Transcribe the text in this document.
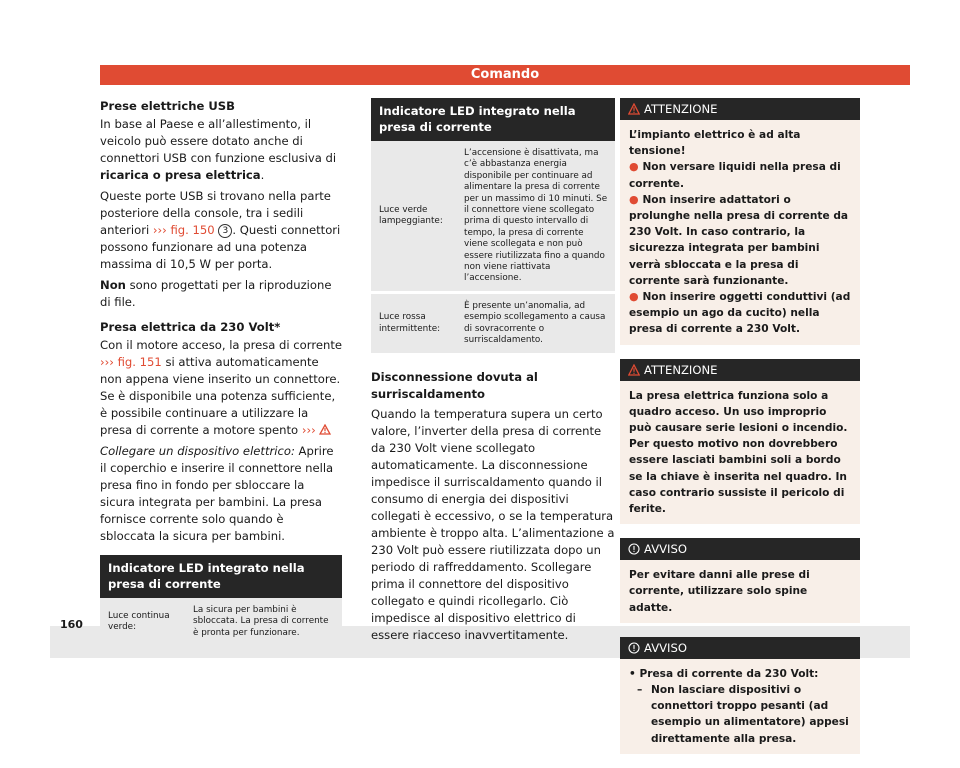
Comando
Prese elettriche USB

In base al Paese e all’allestimento, il veicolo può essere dotato anche di connettori USB con funzione esclusiva di ricarica o presa elettrica.

Queste porte USB si trovano nella parte posteriore della console, tra i sedili anteriori ››› fig. 150 3 . Questi connettori possono funzionare ad una potenza massima di 10,5 W per porta.

Non sono progettati per la riproduzione di file.

Presa elettrica da 230 Volt*

Con il motore acceso, la presa di corrente ››› fig. 151 si attiva automaticamente non appena viene inserito un connettore. Se è disponibile una potenza sufficiente, è possibile continuare a utilizzare la presa di corrente a motore spento ›››

Collegare un dispositivo elettrico: Aprire il coperchio e inserire il connettore nella presa fino in fondo per sbloccare la sicura integrata per bambini. La presa fornisce corrente solo quando è sbloccata la sicura per bambini.

Indicatore LED integrato nella presa di corrente
Luce continua verde:	La sicura per bambini è sbloccata. La presa di corrente è pronta per funzionare.
Indicatore LED integrato nella presa di corrente	
Luce verde lampeggiante:	L’accensione è disattivata, ma c’è abbastanza energia disponibile per continuare ad alimentare la presa di corrente per un massimo di 10 minuti. Se il connettore viene scollegato prima di questo intervallo di tempo, la presa di corrente viene scollegata e non può essere riutilizzata fino a quando non viene riattivata l’accensione.
Luce rossa intermittente:	È presente un’anomalia, ad esempio scollegamento a causa di sovracorrente o surriscaldamento.
Disconnessione dovuta al surriscaldamento

Quando la temperatura supera un certo valore, l’inverter della presa di corrente da 230 Volt viene scollegato automaticamente. La disconnessione impedisce il surriscaldamento quando il consumo di energia dei dispositivi collegati è eccessivo, o se la temperatura ambiente è troppo alta. L’alimentazione a 230 Volt può essere riutilizzata dopo un periodo di raffreddamento. Scollegare prima il connettore del dispositivo collegato e quindi ricollegarlo. Ciò impedisce al dispositivo elettrico di essere riacceso inavvertitamente.

ATTENZIONE

L’impianto elettrico è ad alta tensione!

● Non versare liquidi nella presa di corrente.

● Non inserire adattatori o prolunghe nella presa di corrente da 230 Volt. In caso contrario, la sicurezza integrata per bambini verrà sbloccata e la presa di corrente sarà funzionante.

● Non inserire oggetti conduttivi (ad esempio un ago da cucito) nella presa di corrente a 230 Volt.

ATTENZIONE
La presa elettrica funziona solo a quadro acceso. Un uso improprio può causare serie lesioni o incendio. Per questo motivo non dovrebbero essere lasciati bambini soli a bordo se la chiave è inserita nel quadro. In caso contrario sussiste il pericolo di ferite.
AVVISO
Per evitare danni alle prese di corrente, utilizzare solo spine adatte.
AVVISO

• Presa di corrente da 230 Volt:

– Non lasciare dispositivi o connettori troppo pesanti (ad esempio un alimentatore) appesi direttamente alla presa.

160
